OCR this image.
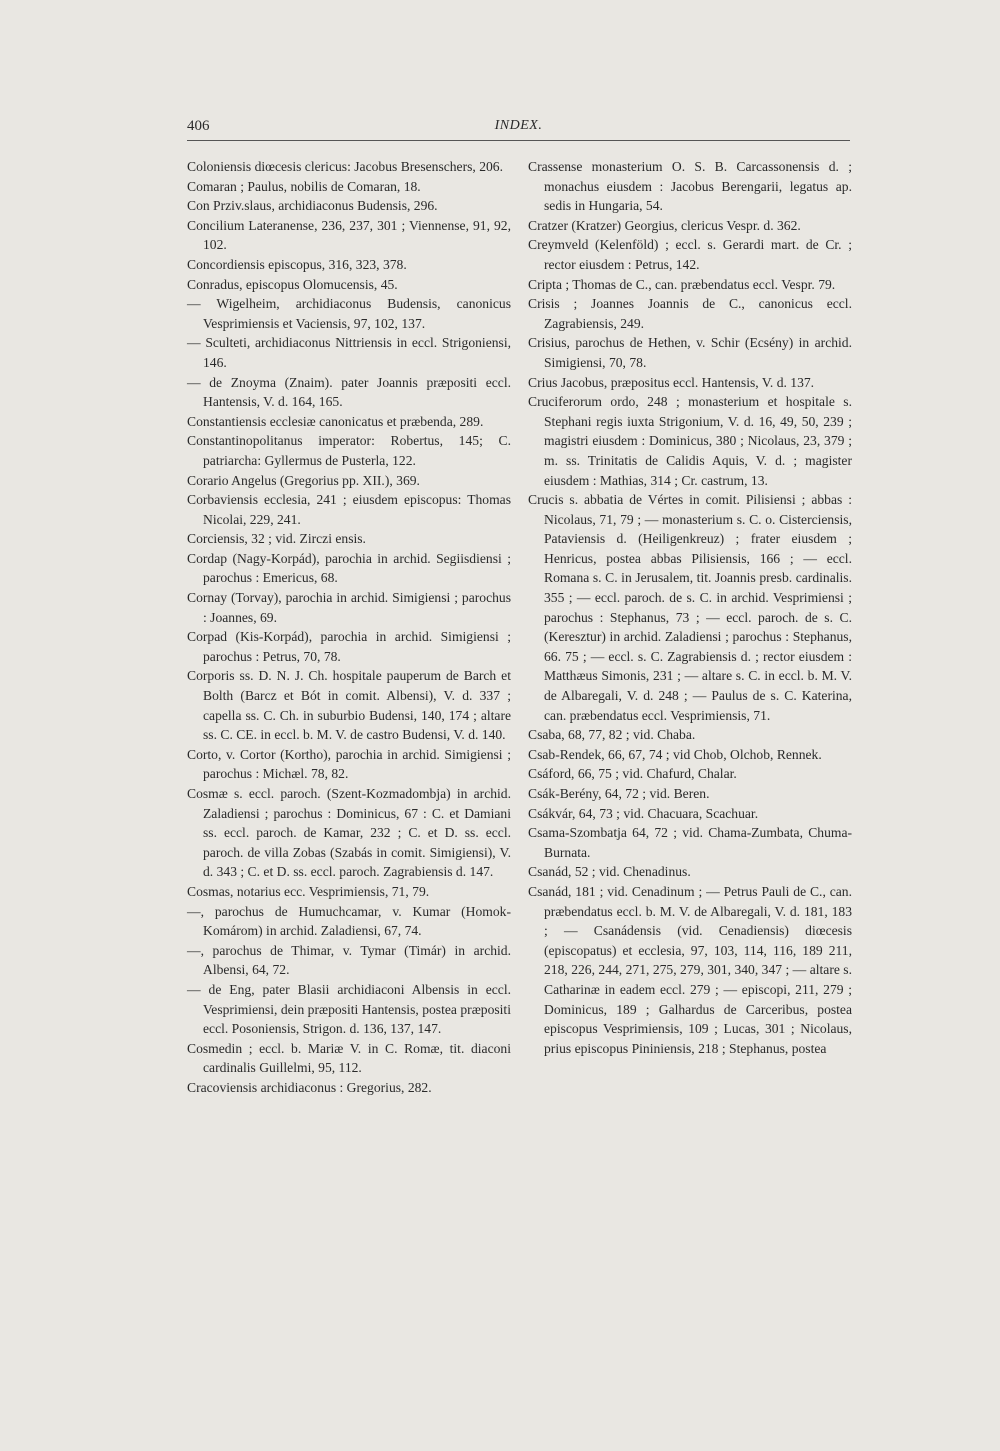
406	INDEX.

Coloniensis diœcesis clericus: Jacobus Bresenschers, 206.

Comaran ; Paulus, nobilis de Comaran, 18.

Con Prziv.slaus, archidiaconus Budensis, 296.

Concilium Lateranense, 236, 237, 301 ; Viennense, 91, 92, 102.

Concordiensis episcopus, 316, 323, 378.

Conradus, episcopus Olomucensis, 45.

— Wigelheim, archidiaconus Budensis, canonicus Vesprimiensis et Vaciensis, 97, 102, 137.

— Sculteti, archidiaconus Nittriensis in eccl. Strigoniensi, 146.

— de Znoyma (Znaim). pater Joannis præpositi eccl. Hantensis, V. d. 164, 165.

Constantiensis ecclesiæ canonicatus et præbenda, 289.

Constantinopolitanus imperator: Robertus, 145; C. patriarcha: Gyllermus de Pusterla, 122.

Corario Angelus (Gregorius pp. XII.), 369.

Corbaviensis ecclesia, 241 ; eiusdem episcopus: Thomas Nicolai, 229, 241.

Corciensis, 32 ; vid. Zirczi ensis.

Cordap (Nagy-Korpád), parochia in archid. Segiisdiensi ; parochus : Emericus, 68.

Cornay (Torvay), parochia in archid. Simigiensi ; parochus : Joannes, 69.

Corpad (Kis-Korpád), parochia in archid. Simigiensi ; parochus : Petrus, 70, 78.

Corporis ss. D. N. J. Ch. hospitale pauperum de Barch et Bolth (Barcz et Bót in comit. Albensi), V. d. 337 ; capella ss. C. Ch. in suburbio Budensi, 140, 174 ; altare ss. C. CE. in eccl. b. M. V. de castro Budensi, V. d. 140.

Corto, v. Cortor (Kortho), parochia in archid. Simigiensi ; parochus : Michæl. 78, 82.

Cosmæ s. eccl. paroch. (Szent-Kozmadombja) in archid. Zaladiensi ; parochus : Dominicus, 67 : C. et Damiani ss. eccl. paroch. de Kamar, 232 ; C. et D. ss. eccl. paroch. de villa Zobas (Szabás in comit. Simigiensi), V. d. 343 ; C. et D. ss. eccl. paroch. Zagrabiensis d. 147.

Cosmas, notarius ecc. Vesprimiensis, 71, 79.

—, parochus de Humuchcamar, v. Kumar (Homok-Komárom) in archid. Zaladiensi, 67, 74.

—, parochus de Thimar, v. Tymar (Timár) in archid. Albensi, 64, 72.

— de Eng, pater Blasii archidiaconi Albensis in eccl. Vesprimiensi, dein præpositi Hantensis, postea præpositi eccl. Posoniensis, Strigon. d. 136, 137, 147.

Cosmedin ; eccl. b. Mariæ V. in C. Romæ, tit. diaconi cardinalis Guillelmi, 95, 112.

Cracoviensis archidiaconus : Gregorius, 282.

Crassense monasterium O. S. B. Carcassonensis d. ; monachus eiusdem : Jacobus Berengarii, legatus ap. sedis in Hungaria, 54.

Cratzer (Kratzer) Georgius, clericus Vespr. d. 362.

Creymveld (Kelenföld) ; eccl. s. Gerardi mart. de Cr. ; rector eiusdem : Petrus, 142.

Cripta ; Thomas de C., can. præbendatus eccl. Vespr. 79.

Crisis ; Joannes Joannis de C., canonicus eccl. Zagrabiensis, 249.

Crisius, parochus de Hethen, v. Schir (Ecsény) in archid. Simigiensi, 70, 78.

Crius Jacobus, præpositus eccl. Hantensis, V. d. 137.

Cruciferorum ordo, 248 ; monasterium et hospitale s. Stephani regis iuxta Strigonium, V. d. 16, 49, 50, 239 ; magistri eiusdem : Dominicus, 380 ; Nicolaus, 23, 379 ; m. ss. Trinitatis de Calidis Aquis, V. d. ; magister eiusdem : Mathias, 314 ; Cr. castrum, 13.

Crucis s. abbatia de Vértes in comit. Pilisiensi ; abbas : Nicolaus, 71, 79 ; — monasterium s. C. o. Cisterciensis, Pataviensis d. (Heiligenkreuz) ; frater eiusdem ; Henricus, postea abbas Pilisiensis, 166 ; — eccl. Romana s. C. in Jerusalem, tit. Joannis presb. cardinalis. 355 ; — eccl. paroch. de s. C. in archid. Vesprimiensi ; parochus : Stephanus, 73 ; — eccl. paroch. de s. C. (Keresztur) in archid. Zaladiensi ; parochus : Stephanus, 66. 75 ; — eccl. s. C. Zagrabiensis d. ; rector eiusdem : Matthæus Simonis, 231 ; — altare s. C. in eccl. b. M. V. de Albaregali, V. d. 248 ; — Paulus de s. C. Katerina, can. præbendatus eccl. Vesprimiensis, 71.

Csaba, 68, 77, 82 ; vid. Chaba.

Csab-Rendek, 66, 67, 74 ; vid Chob, Olchob, Rennek.

Csáford, 66, 75 ; vid. Chafurd, Chalar.

Csák-Berény, 64, 72 ; vid. Beren.

Csákvár, 64, 73 ; vid. Chacuara, Scachuar.

Csama-Szombatja 64, 72 ; vid. Chama-Zumbata, Chuma-Burnata.

Csanád, 52 ; vid. Chenadinus.

Csanád, 181 ; vid. Cenadinum ; — Petrus Pauli de C., can. præbendatus eccl. b. M. V. de Albaregali, V. d. 181, 183 ; — Csanádensis (vid. Cenadiensis) diœcesis (episcopatus) et ecclesia, 97, 103, 114, 116, 189 211, 218, 226, 244, 271, 275, 279, 301, 340, 347 ; — altare s. Catharinæ in eadem eccl. 279 ; — episcopi, 211, 279 ; Dominicus, 189 ; Galhardus de Carceribus, postea episcopus Vesprimiensis, 109 ; Lucas, 301 ; Nicolaus, prius episcopus Pininiensis, 218 ; Stephanus, postea
